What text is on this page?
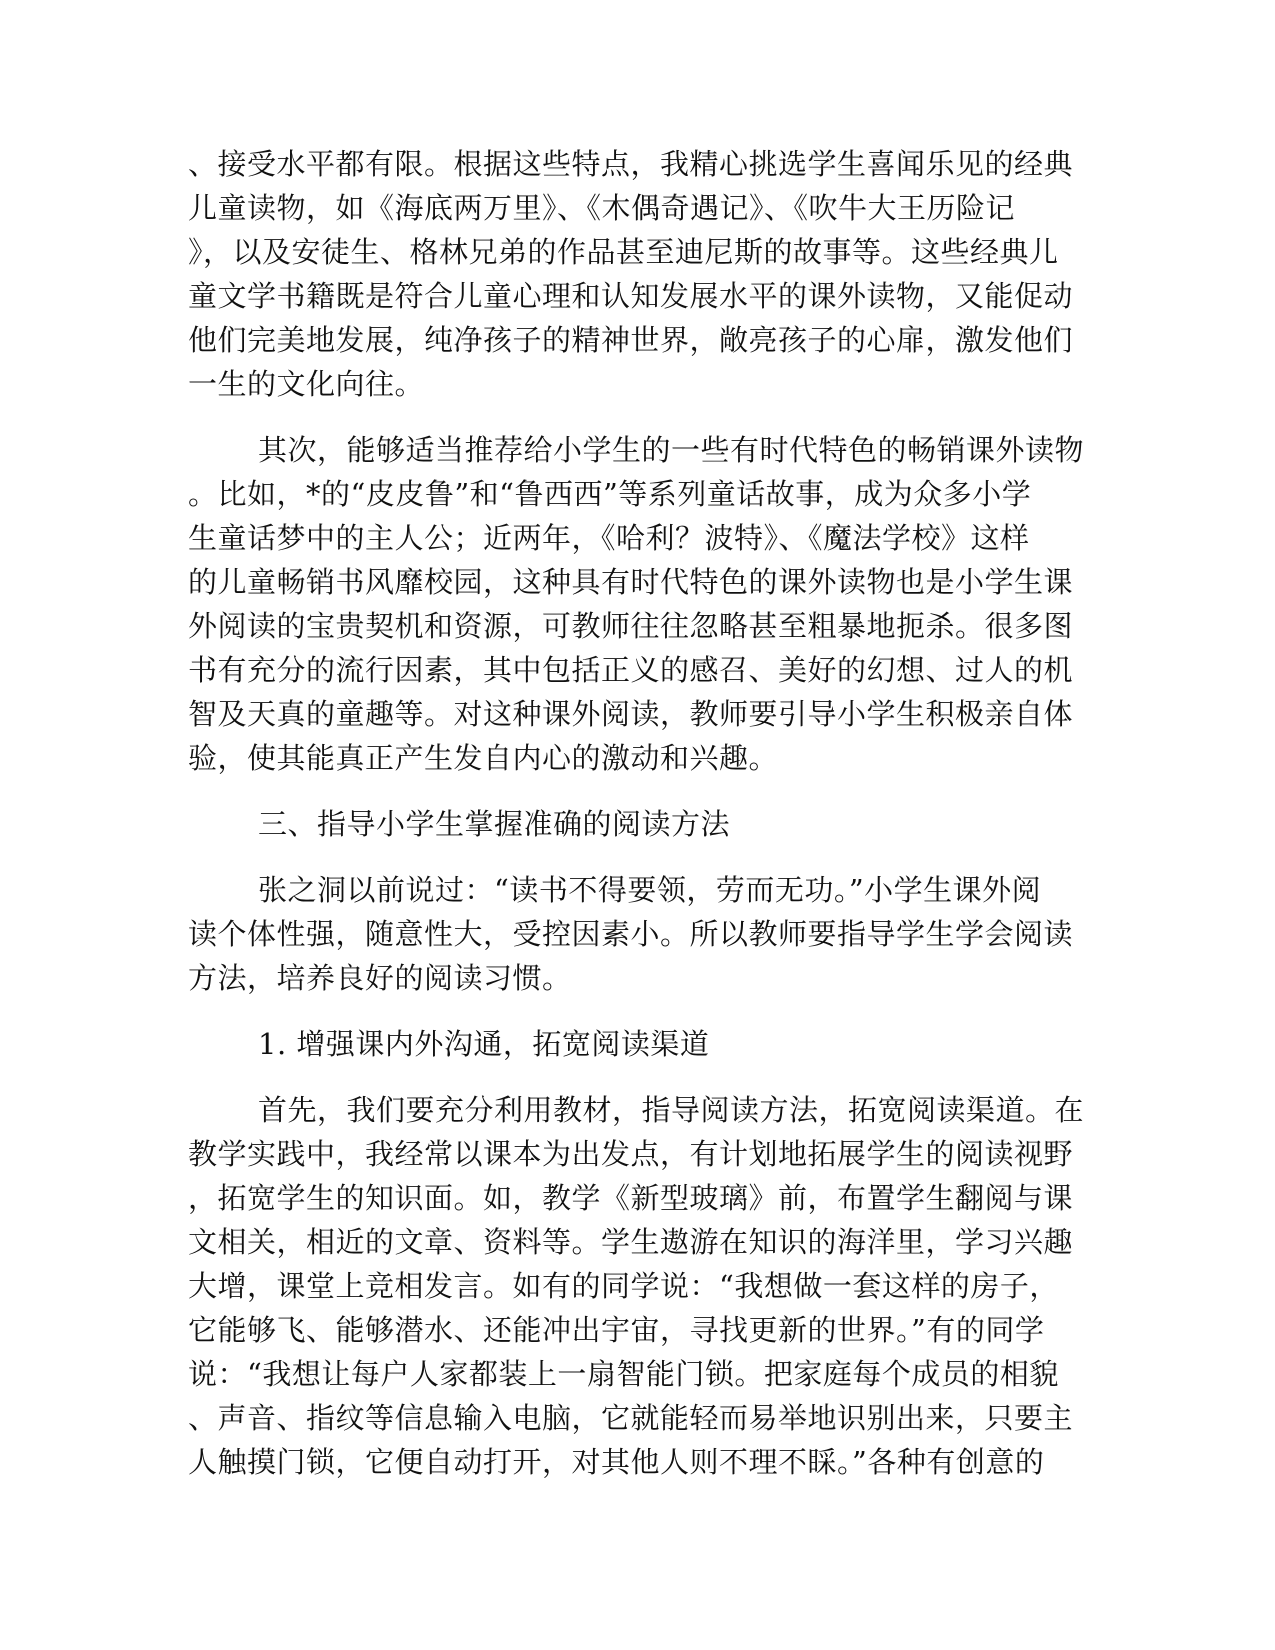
、接受水平都有限。根据这些特点，我精心挑选学生喜闻乐见的经典
儿童读物，如《海底两万里》、《木偶奇遇记》、《吹牛大王历险记
》，以及安徒生、格林兄弟的作品甚至迪尼斯的故事等。这些经典儿
童文学书籍既是符合儿童心理和认知发展水平的课外读物，又能促动
他们完美地发展，纯净孩子的精神世界，敞亮孩子的心扉，激发他们
一生的文化向往。
其次，能够适当推荐给小学生的一些有时代特色的畅销课外读物
。比如，*的“皮皮鲁”和“鲁西西”等系列童话故事，成为众多小学
生童话梦中的主人公；近两年，《哈利？波特》、《魔法学校》这样
的儿童畅销书风靡校园，这种具有时代特色的课外读物也是小学生课
外阅读的宝贵契机和资源，可教师往往忽略甚至粗暴地扼杀。很多图
书有充分的流行因素，其中包括正义的感召、美好的幻想、过人的机
智及天真的童趣等。对这种课外阅读，教师要引导小学生积极亲自体
验，使其能真正产生发自内心的激动和兴趣。
三、指导小学生掌握准确的阅读方法
张之洞以前说过：“读书不得要领，劳而无功。”小学生课外阅
读个体性强，随意性大，受控因素小。所以教师要指导学生学会阅读
方法，培养良好的阅读习惯。
1. 增强课内外沟通，拓宽阅读渠道
首先，我们要充分利用教材，指导阅读方法，拓宽阅读渠道。在
教学实践中，我经常以课本为出发点，有计划地拓展学生的阅读视野
，拓宽学生的知识面。如，教学《新型玻璃》前，布置学生翻阅与课
文相关，相近的文章、资料等。学生遨游在知识的海洋里，学习兴趣
大增，课堂上竞相发言。如有的同学说：“我想做一套这样的房子，
它能够飞、能够潜水、还能冲出宇宙，寻找更新的世界。”有的同学
说：“我想让每户人家都装上一扇智能门锁。把家庭每个成员的相貌
、声音、指纹等信息输入电脑，它就能轻而易举地识别出来，只要主
人触摸门锁，它便自动打开，对其他人则不理不睬。”各种有创意的
